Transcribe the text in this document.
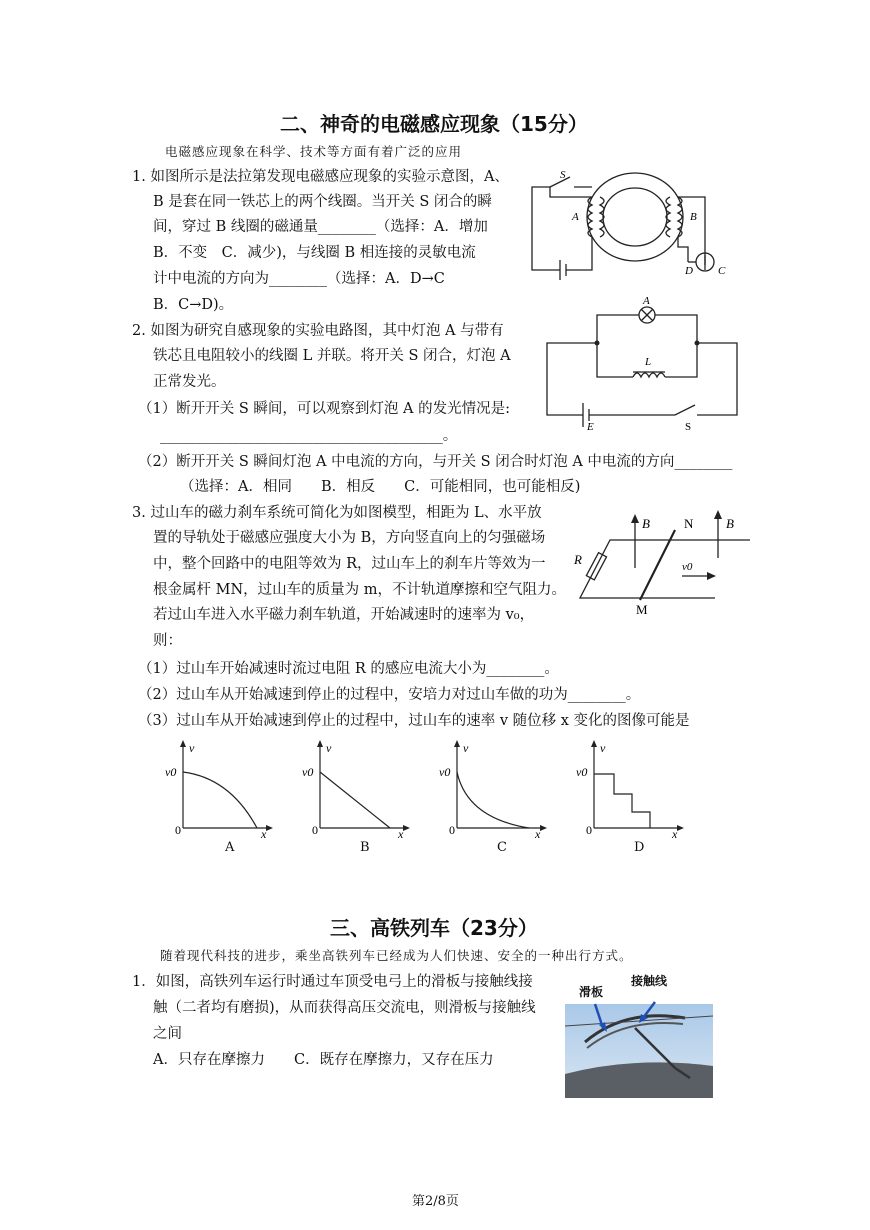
二、神奇的电磁感应现象（15分）
电磁感应现象在科学、技术等方面有着广泛的应用
1. 如图所示是法拉第发现电磁感应现象的实验示意图，A、
B 是套在同一铁芯上的两个线圈。当开关 S 闭合的瞬
间，穿过 B 线圈的磁通量________（选择：A．增加
B．不变　C．减少)，与线圈 B 相连接的灵敏电流
计中电流的方向为________（选择：A．D→C
B．C→D)。
S
A	B
D C
2. 如图为研究自感现象的实验电路图，其中灯泡 A 与带有
铁芯且电阻较小的线圈 L 并联。将开关 S 闭合，灯泡 A
正常发光。
（1）断开开关 S 瞬间，可以观察到灯泡 A 的发光情况是:
_______________________________________。
（2）断开开关 S 瞬间灯泡 A 中电流的方向，与开关 S 闭合时灯泡 A 中电流的方向________
（选择：A．相同　　B．相反　　C．可能相同，也可能相反)
A
L
E	S
3. 过山车的磁力刹车系统可简化为如图模型，相距为 L、水平放
置的导轨处于磁感应强度大小为 B，方向竖直向上的匀强磁场
中，整个回路中的电阻等效为 R，过山车上的刹车片等效为一
根金属杆 MN，过山车的质量为 m，不计轨道摩擦和空气阻力。
若过山车进入水平磁力刹车轨道，开始减速时的速率为 v₀，
则：
（1）过山车开始减速时流过电阻 R 的感应电流大小为________。
（2）过山车从开始减速到停止的过程中，安培力对过山车做的功为________。
（3）过山车从开始减速到停止的过程中，过山车的速率 v 随位移 x 变化的图像可能是
B	B
N
M
R	v0
v
v0
0	x
A
v
v0
0	x
B
v
v0
0	x
C
v
v0
0	x
D
三、高铁列车（23分）
随着现代科技的进步，乘坐高铁列车已经成为人们快速、安全的一种出行方式。
1．如图，高铁列车运行时通过车顶受电弓上的滑板与接触线接
触（二者均有磨损)，从而获得高压交流电，则滑板与接触线
之间
A．只存在摩擦力　　C．既存在摩擦力，又存在压力
接触线
滑板
第2/8页
